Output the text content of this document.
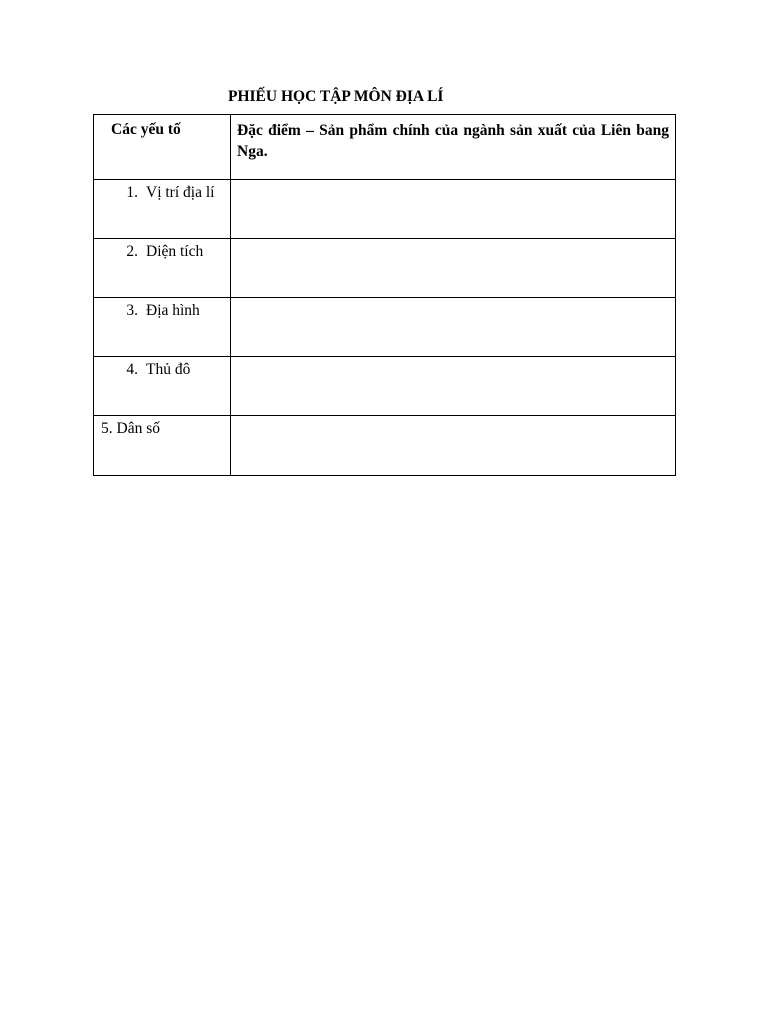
PHIẾU HỌC TẬP MÔN ĐỊA LÍ
Các yếu tố	Đặc điểm – Sản phẩm chính của ngành sản xuất của Liên bang Nga.

1. Vị trí địa lí	

2. Diện tích	

3. Địa hình	

4. Thủ đô	

5. Dân số	
